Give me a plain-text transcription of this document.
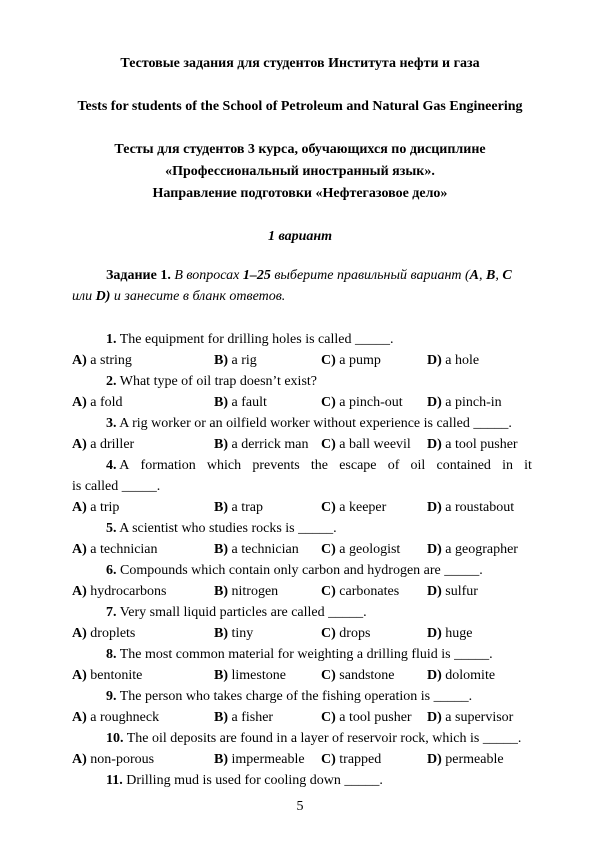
Тестовые задания для студентов Института нефти и газа
Tests for students of the School of Petroleum and Natural Gas Engineering
Тесты для студентов 3 курса, обучающихся по дисциплине
«Профессиональный иностранный язык».
Направление подготовки «Нефтегазовое дело»
1 вариант
Задание 1. В вопросах 1–25 выберите правильный вариант (A, B, C
или D) и занесите в бланк ответов.
1. The equipment for drilling holes is called _____.
A) a string	B) a rig	C) a pump	D) a hole
2. What type of oil trap doesn’t exist?
A) a fold	B) a fault	C) a pinch-out D) a pinch-in
3. A rig worker or an oilfield worker without experience is called _____.
A) a driller	B) a derrick man C) a ball weevil D) a tool pusher
4. A formation which prevents the escape of oil contained in it
is called _____.
A) a trip	B) a trap	C) a keeper	D) a roustabout
5. A scientist who studies rocks is _____.
A) a technician	B) a technician C) a geologist D) a geographer
6. Compounds which contain only carbon and hydrogen are _____.
A) hydrocarbons	B) nitrogen	C) carbonates D) sulfur
7. Very small liquid particles are called _____.
A) droplets	B) tiny	C) drops	D) huge
8. The most common material for weighting a drilling fluid is _____.
A) bentonite	B) limestone	C) sandstone D) dolomite
9. The person who takes charge of the fishing operation is _____.
A) a roughneck	B) a fisher	C) a tool pusher D) a supervisor
10. The oil deposits are found in a layer of reservoir rock, which is _____.
A) non-porous	B) impermeable C) trapped	D) permeable
11. Drilling mud is used for cooling down _____.
5
